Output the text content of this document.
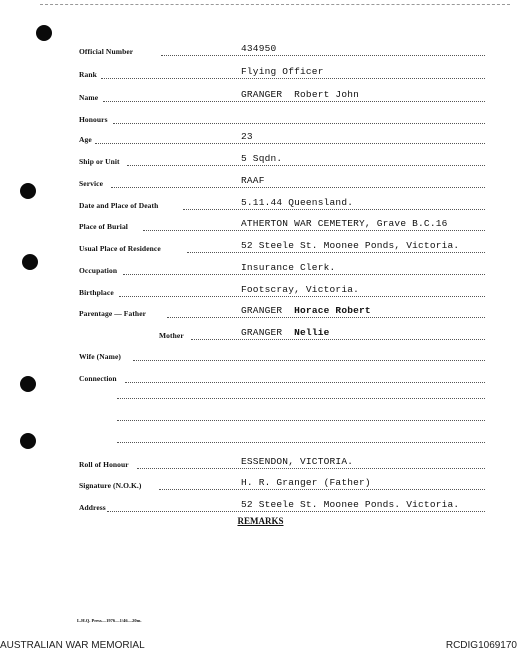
Official Number	434950
Rank	Flying Officer
Name	GRANGER Robert John
Honours
Age	23
Ship or Unit	5 Sqdn.
Service	RAAF
Date and Place of Death	5.11.44 Queensland.
Place of Burial	ATHERTON WAR CEMETERY, Grave B.C.16
Usual Place of Residence	52 Steele St. Moonee Ponds, Victoria.
Occupation	Insurance Clerk.
Birthplace	Footscray, Victoria.
Parentage — Father	GRANGER Horace Robert
Mother	GRANGER Nellie
Wife (Name)
Connection
Roll of Honour	ESSENDON, VICTORIA.
Signature (N.O.K.)	H. R. Granger (Father)
Address	52 Steele St. Moonee Ponds. Victoria.
REMARKS
L.H.Q. Press—1976—1/46—20m.
AUSTRALIAN WAR MEMORIAL	RCDIG1069170
